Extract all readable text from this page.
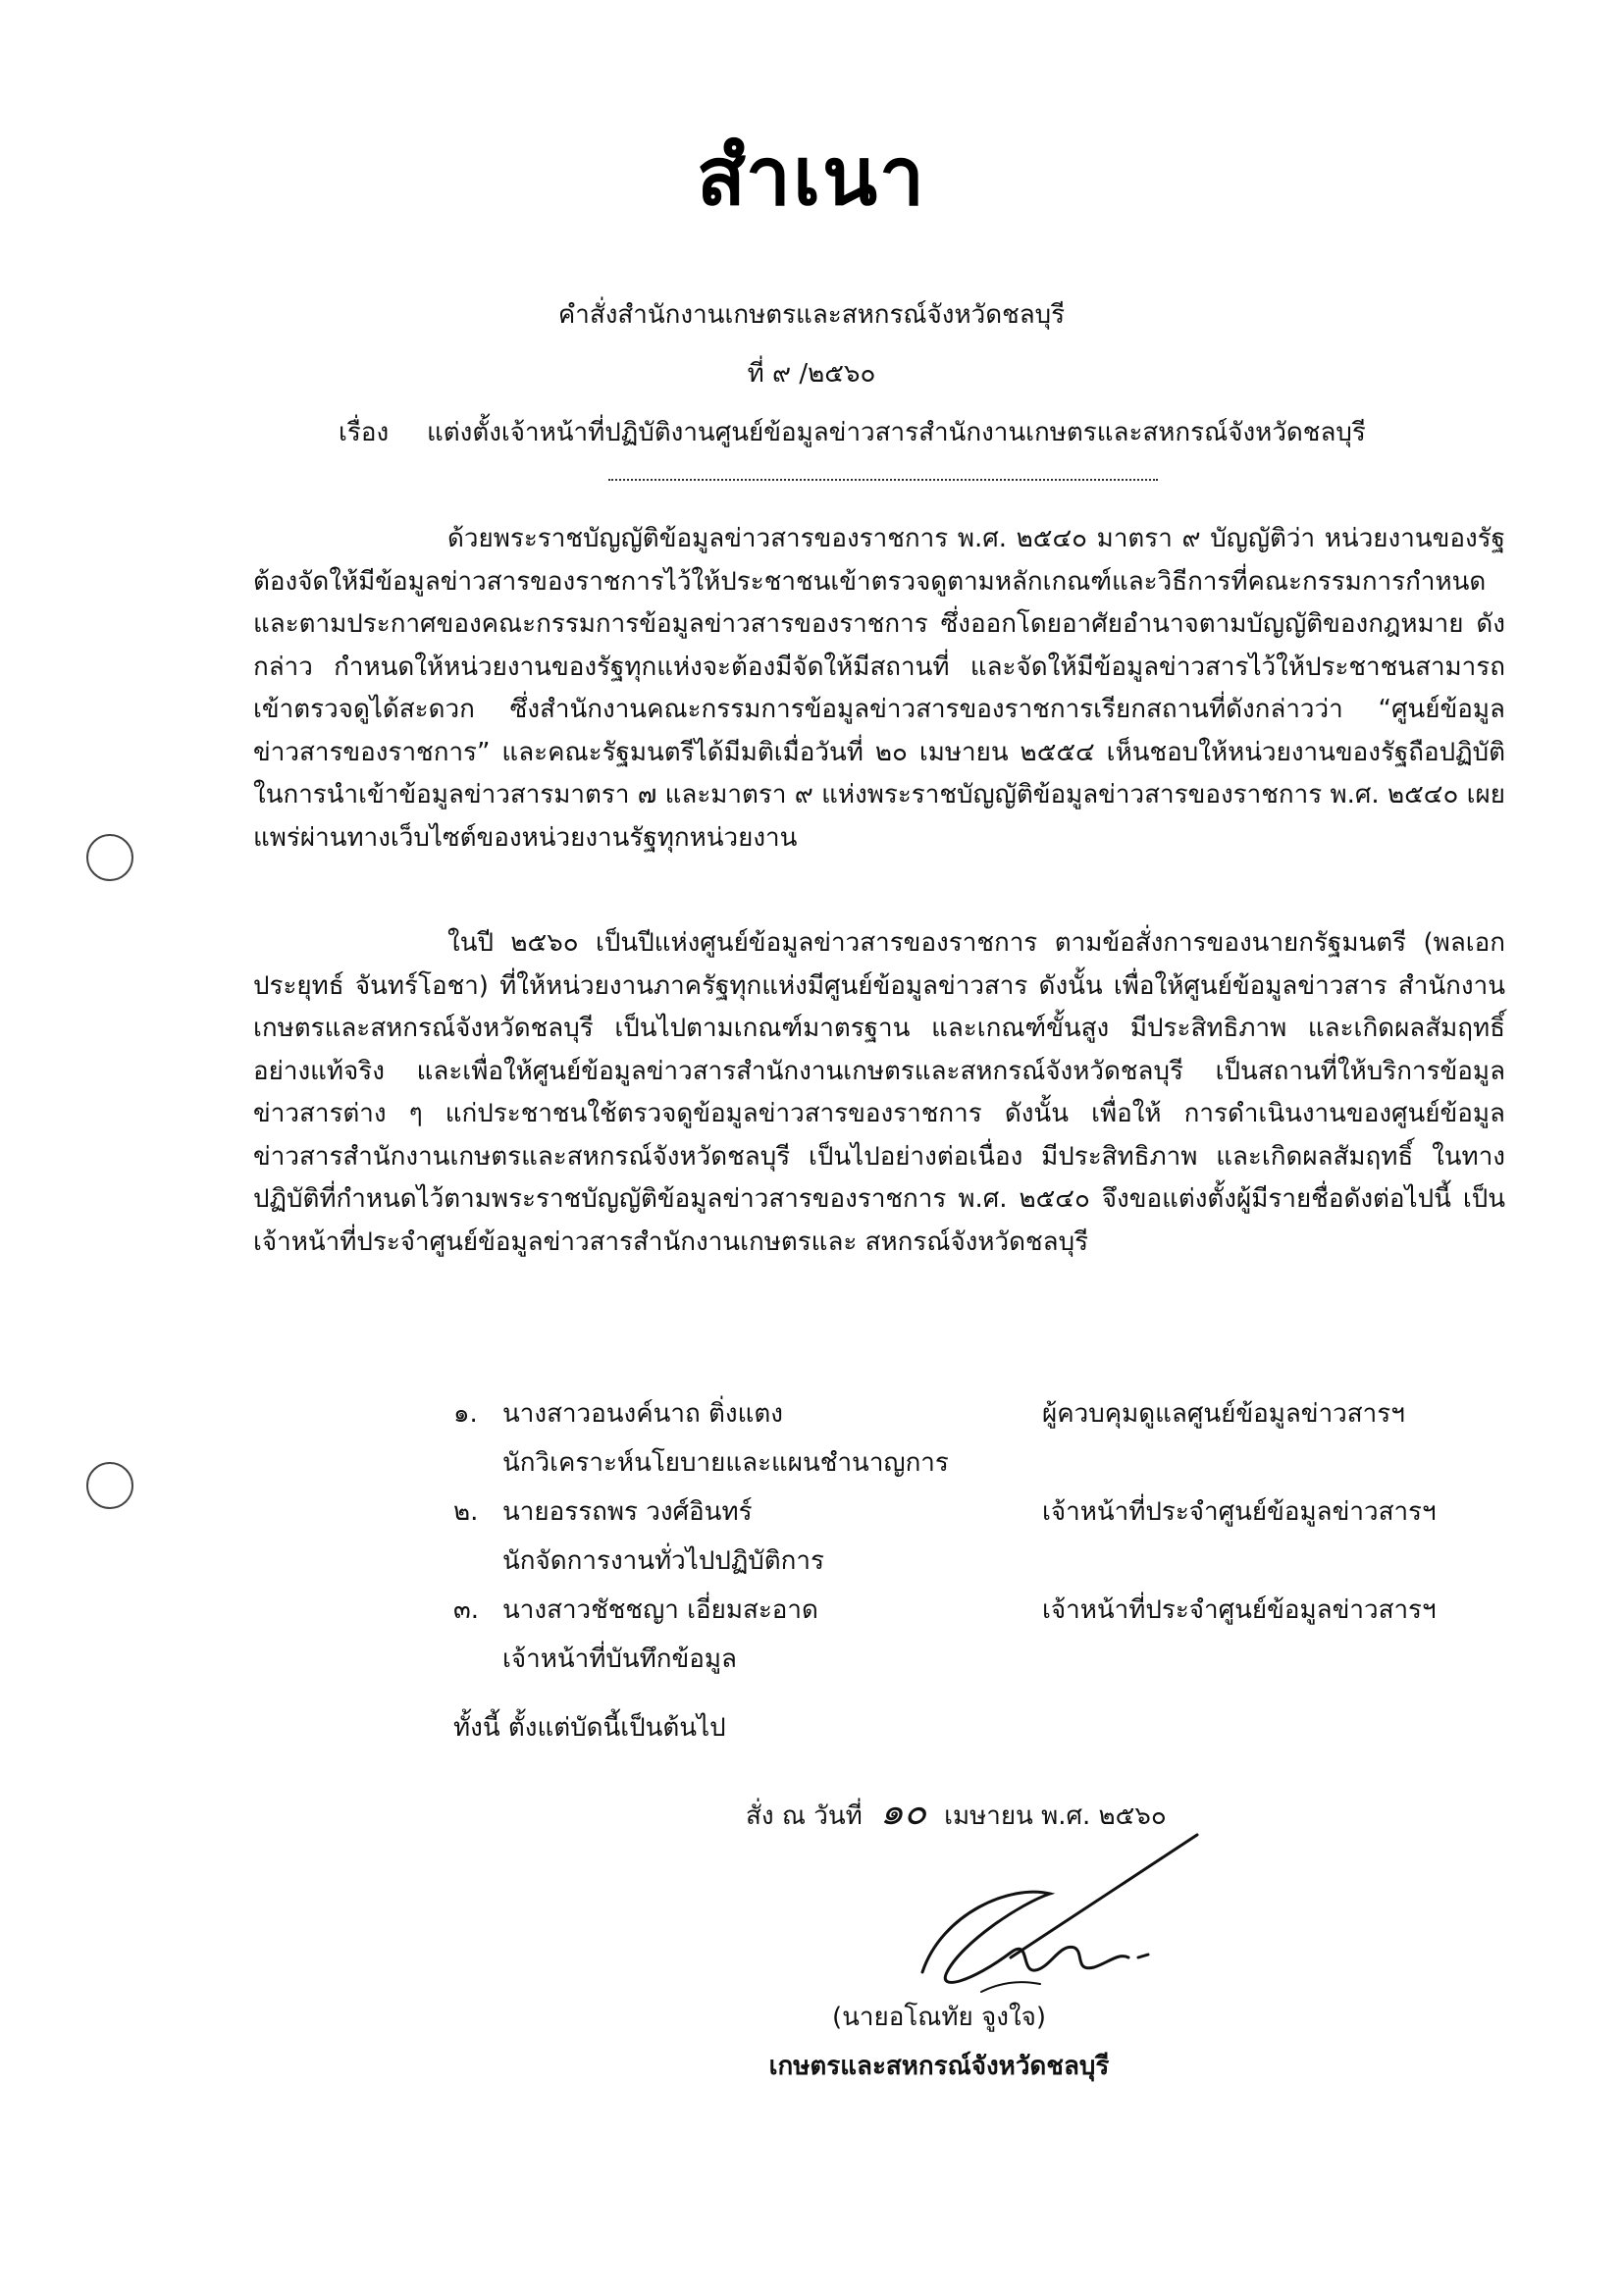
สำเนา
คำสั่งสำนักงานเกษตรและสหกรณ์จังหวัดชลบุรี
ที่ ๙ /๒๕๖๐
เรื่อง แต่งตั้งเจ้าหน้าที่ปฏิบัติงานศูนย์ข้อมูลข่าวสารสำนักงานเกษตรและสหกรณ์จังหวัดชลบุรี

ด้วยพระราชบัญญัติข้อมูลข่าวสารของราชการ พ.ศ. ๒๕๔๐ มาตรา ๙ บัญญัติว่า หน่วยงานของรัฐต้องจัดให้มีข้อมูลข่าวสารของราชการไว้ให้ประชาชนเข้าตรวจดูตามหลักเกณฑ์และวิธีการที่คณะกรรมการกำหนด และตามประกาศของคณะกรรมการข้อมูลข่าวสารของราชการ ซึ่งออกโดยอาศัยอำนาจตามบัญญัติของกฎหมาย ดังกล่าว กำหนดให้หน่วยงานของรัฐทุกแห่งจะต้องมีจัดให้มีสถานที่ และจัดให้มีข้อมูลข่าวสารไว้ให้ประชาชนสามารถ เข้าตรวจดูได้สะดวก ซึ่งสำนักงานคณะกรรมการข้อมูลข่าวสารของราชการเรียกสถานที่ดังกล่าวว่า “ศูนย์ข้อมูล ข่าวสารของราชการ” และคณะรัฐมนตรีได้มีมติเมื่อวันที่ ๒๐ เมษายน ๒๕๕๔ เห็นชอบให้หน่วยงานของรัฐถือปฏิบัติ ในการนำเข้าข้อมูลข่าวสารมาตรา ๗ และมาตรา ๙ แห่งพระราชบัญญัติข้อมูลข่าวสารของราชการ พ.ศ. ๒๕๔๐ เผยแพร่ผ่านทางเว็บไซต์ของหน่วยงานรัฐทุกหน่วยงาน

ในปี ๒๕๖๐ เป็นปีแห่งศูนย์ข้อมูลข่าวสารของราชการ ตามข้อสั่งการของนายกรัฐมนตรี (พลเอกประยุทธ์ จันทร์โอชา) ที่ให้หน่วยงานภาครัฐทุกแห่งมีศูนย์ข้อมูลข่าวสาร ดังนั้น เพื่อให้ศูนย์ข้อมูลข่าวสาร สำนักงานเกษตรและสหกรณ์จังหวัดชลบุรี เป็นไปตามเกณฑ์มาตรฐาน และเกณฑ์ขั้นสูง มีประสิทธิภาพ และเกิดผลสัมฤทธิ์อย่างแท้จริง และเพื่อให้ศูนย์ข้อมูลข่าวสารสำนักงานเกษตรและสหกรณ์จังหวัดชลบุรี เป็นสถานที่ให้บริการข้อมูลข่าวสารต่าง ๆ แก่ประชาชนใช้ตรวจดูข้อมูลข่าวสารของราชการ ดังนั้น เพื่อให้ การดำเนินงานของศูนย์ข้อมูลข่าวสารสำนักงานเกษตรและสหกรณ์จังหวัดชลบุรี เป็นไปอย่างต่อเนื่อง มีประสิทธิภาพ และเกิดผลสัมฤทธิ์ ในทางปฏิบัติที่กำหนดไว้ตามพระราชบัญญัติข้อมูลข่าวสารของราชการ พ.ศ. ๒๕๔๐ จึงขอแต่งตั้งผู้มีรายชื่อดังต่อไปนี้ เป็นเจ้าหน้าที่ประจำศูนย์ข้อมูลข่าวสารสำนักงานเกษตรและ สหกรณ์จังหวัดชลบุรี

๑. นางสาวอนงค์นาถ ติ่งแตง	ผู้ควบคุมดูแลศูนย์ข้อมูลข่าวสารฯ
นักวิเคราะห์นโยบายและแผนชำนาญการ
๒. นายอรรถพร วงศ์อินทร์	เจ้าหน้าที่ประจำศูนย์ข้อมูลข่าวสารฯ
นักจัดการงานทั่วไปปฏิบัติการ
๓. นางสาวชัชชญา เอี่ยมสะอาด	เจ้าหน้าที่ประจำศูนย์ข้อมูลข่าวสารฯ
เจ้าหน้าที่บันทึกข้อมูล
ทั้งนี้ ตั้งแต่บัดนี้เป็นต้นไป
สั่ง ณ วันที่ ๑๐ เมษายน พ.ศ. ๒๕๖๐
(นายอโณทัย จูงใจ)
เกษตรและสหกรณ์จังหวัดชลบุรี
